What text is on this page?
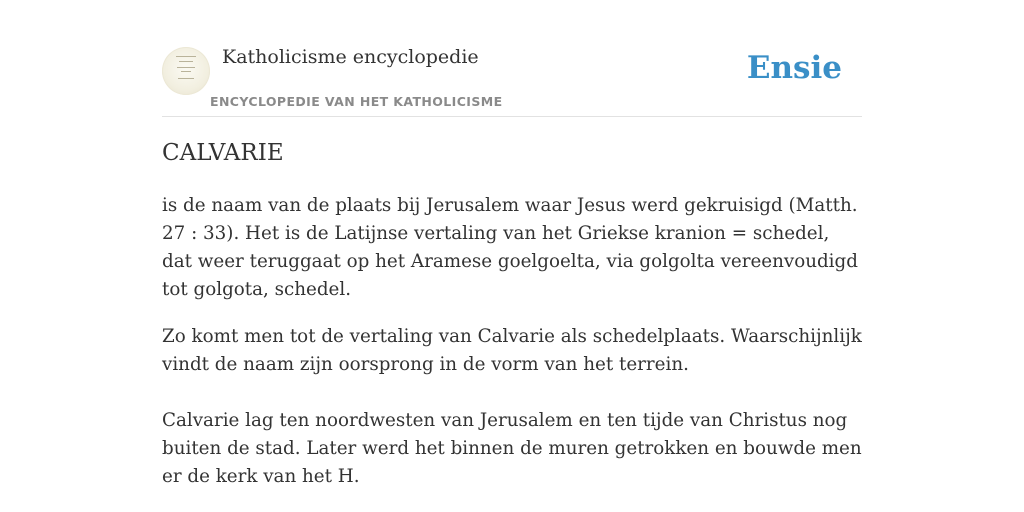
Katholicisme encyclopedie
ENCYCLOPEDIE VAN HET KATHOLICISME
Ensie
CALVARIE

is de naam van de plaats bij Jerusalem waar Jesus werd gekruisigd (Matth. 27 : 33). Het is de Latijnse vertaling van het Griekse kranion = schedel, dat weer teruggaat op het Aramese goelgoelta, via golgolta vereenvoudigd tot golgota, schedel.

Zo komt men tot de vertaling van Calvarie als schedelplaats. Waarschijnlijk vindt de naam zijn oorsprong in de vorm van het terrein.

Calvarie lag ten noordwesten van Jerusalem en ten tijde van Christus nog buiten de stad. Later werd het binnen de muren getrokken en bouwde men er de kerk van het H.
